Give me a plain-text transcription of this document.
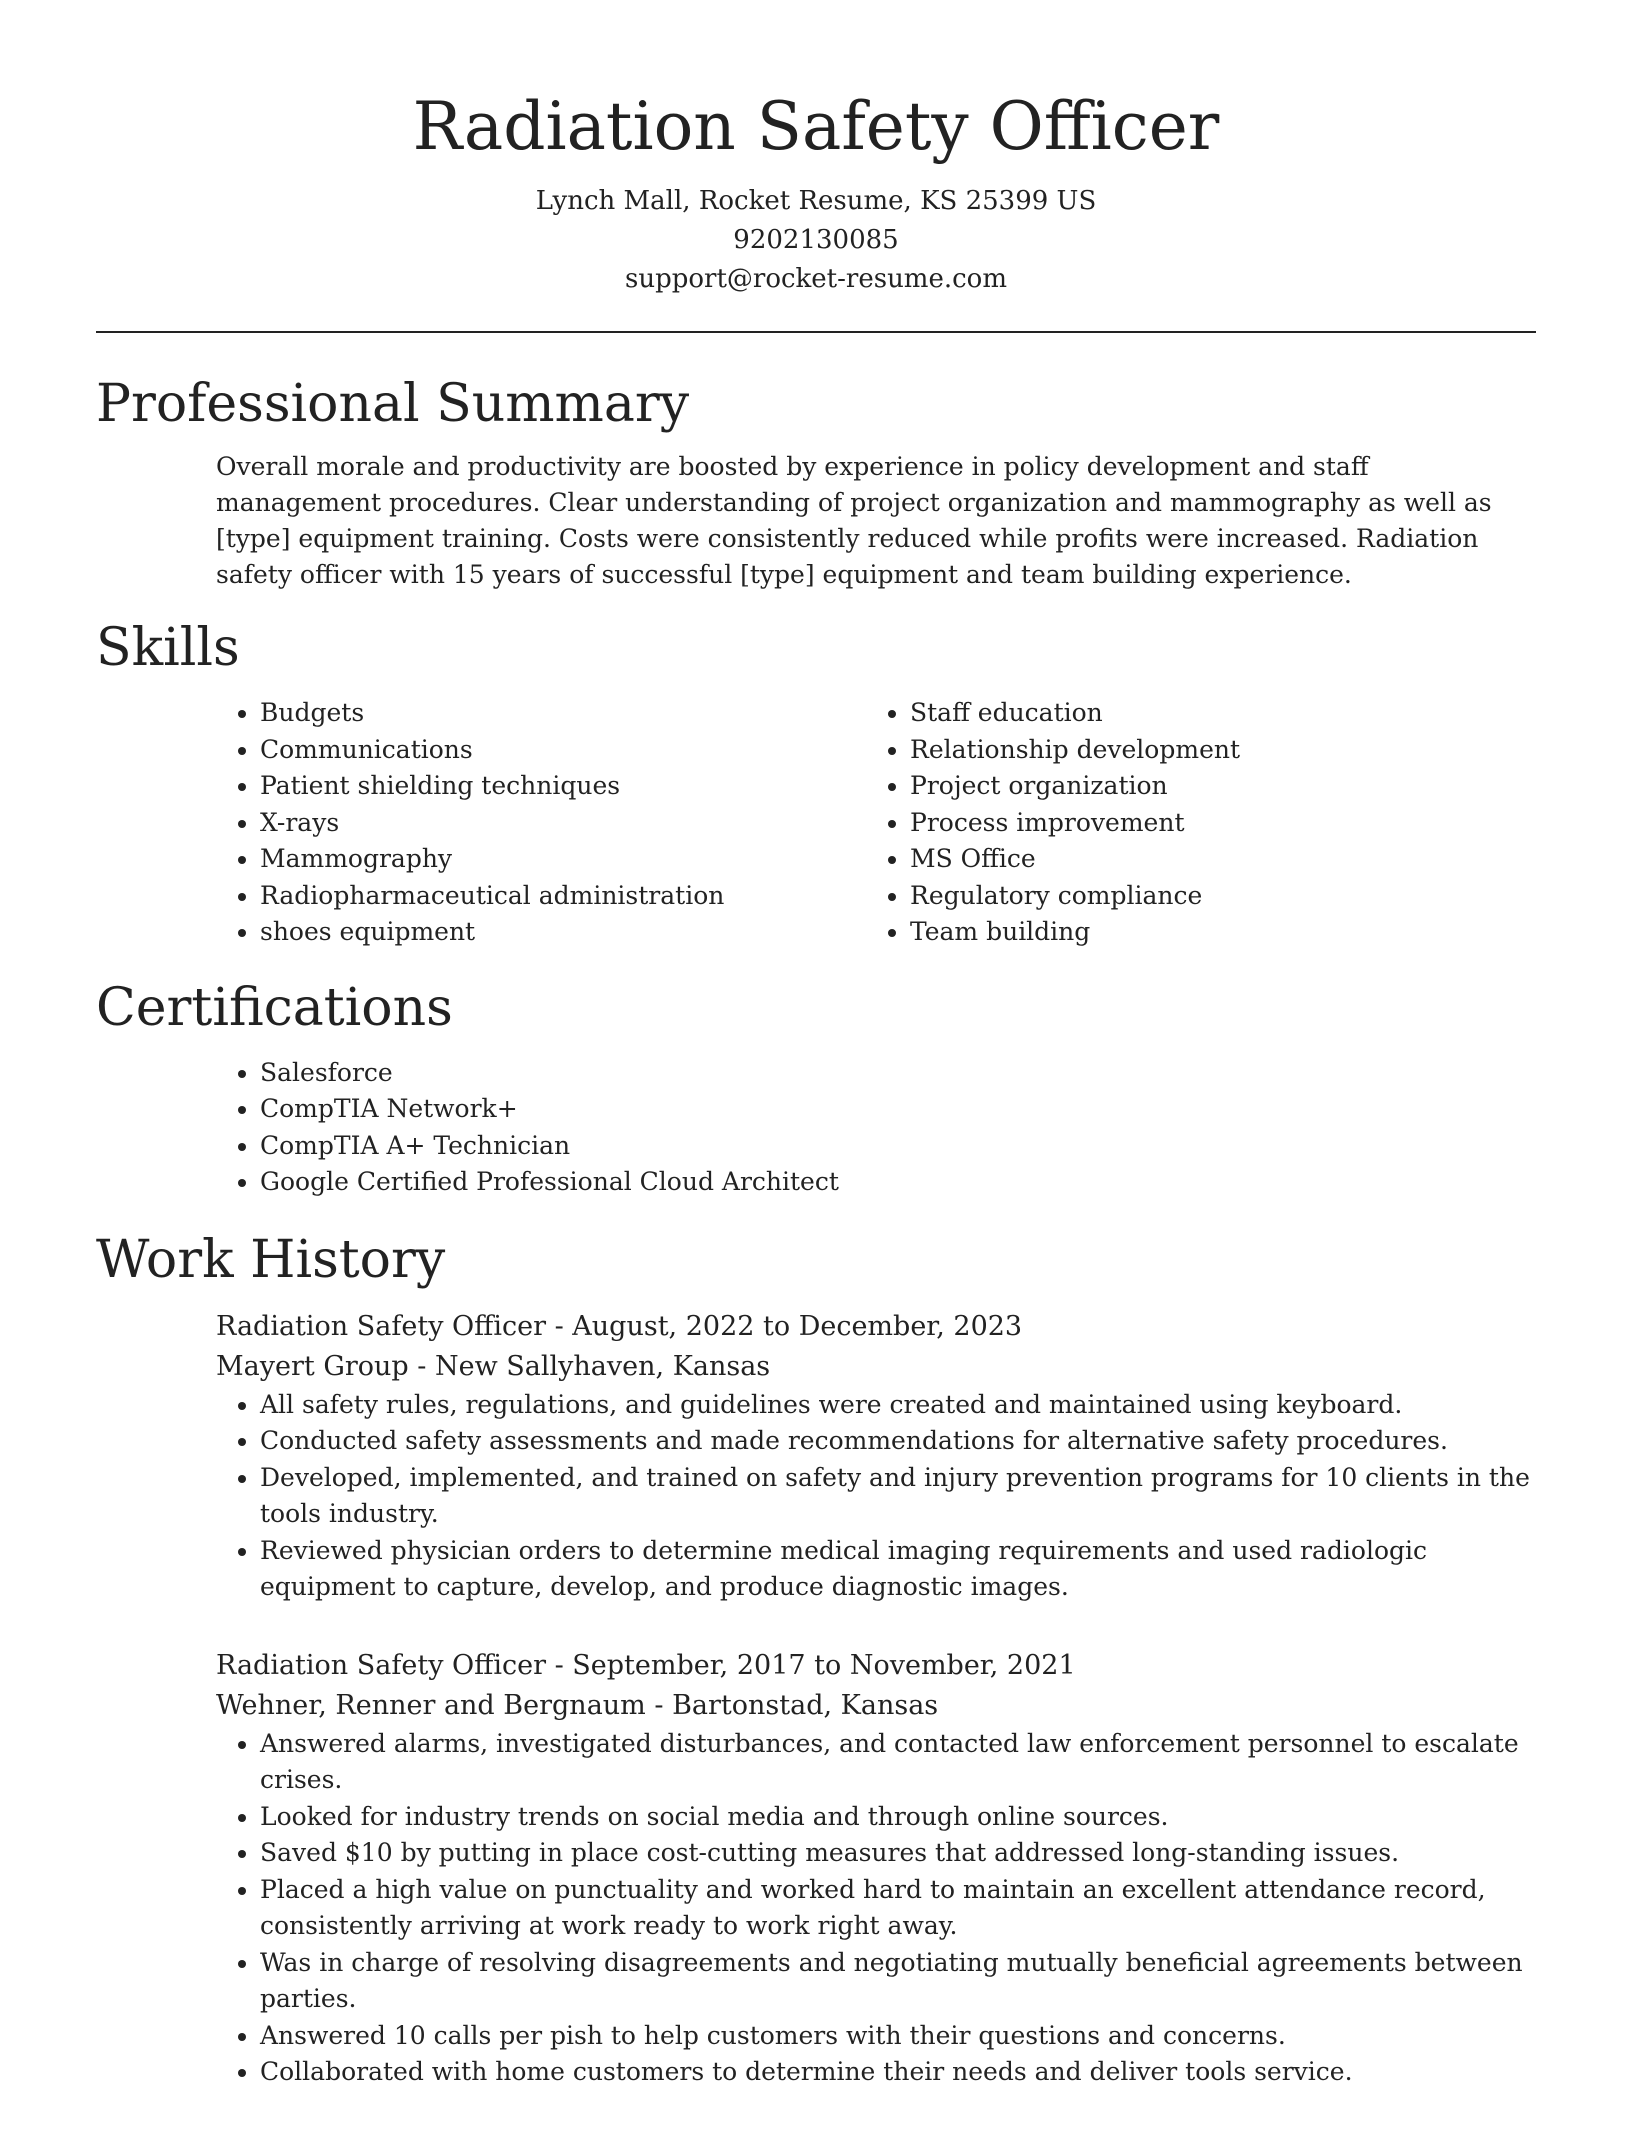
Radiation Safety Officer
Lynch Mall, Rocket Resume, KS 25399 US
9202130085
support@rocket-resume.com
Professional Summary

Overall morale and productivity are boosted by experience in policy development and staff management procedures. Clear understanding of project organization and mammography as well as [type] equipment training. Costs were consistently reduced while profits were increased. Radiation safety officer with 15 years of successful [type] equipment and team building experience.

Skills
• Budgets
• Communications
• Patient shielding techniques
• X-rays
• Mammography
• Radiopharmaceutical administration
• shoes equipment
• Staff education
• Relationship development
• Project organization
• Process improvement
• MS Office
• Regulatory compliance
• Team building
Certifications
• Salesforce
• CompTIA Network+
• CompTIA A+ Technician
• Google Certified Professional Cloud Architect
Work History
Radiation Safety Officer - August, 2022 to December, 2023
Mayert Group - New Sallyhaven, Kansas
• All safety rules, regulations, and guidelines were created and maintained using keyboard.
• Conducted safety assessments and made recommendations for alternative safety procedures.
• Developed, implemented, and trained on safety and injury prevention programs for 10 clients in the tools industry.
• Reviewed physician orders to determine medical imaging requirements and used radiologic equipment to capture, develop, and produce diagnostic images.
Radiation Safety Officer - September, 2017 to November, 2021
Wehner, Renner and Bergnaum - Bartonstad, Kansas
• Answered alarms, investigated disturbances, and contacted law enforcement personnel to escalate crises.
• Looked for industry trends on social media and through online sources.
• Saved $10 by putting in place cost-cutting measures that addressed long-standing issues.
• Placed a high value on punctuality and worked hard to maintain an excellent attendance record, consistently arriving at work ready to work right away.
• Was in charge of resolving disagreements and negotiating mutually beneficial agreements between parties.
• Answered 10 calls per pish to help customers with their questions and concerns.
• Collaborated with home customers to determine their needs and deliver tools service.
